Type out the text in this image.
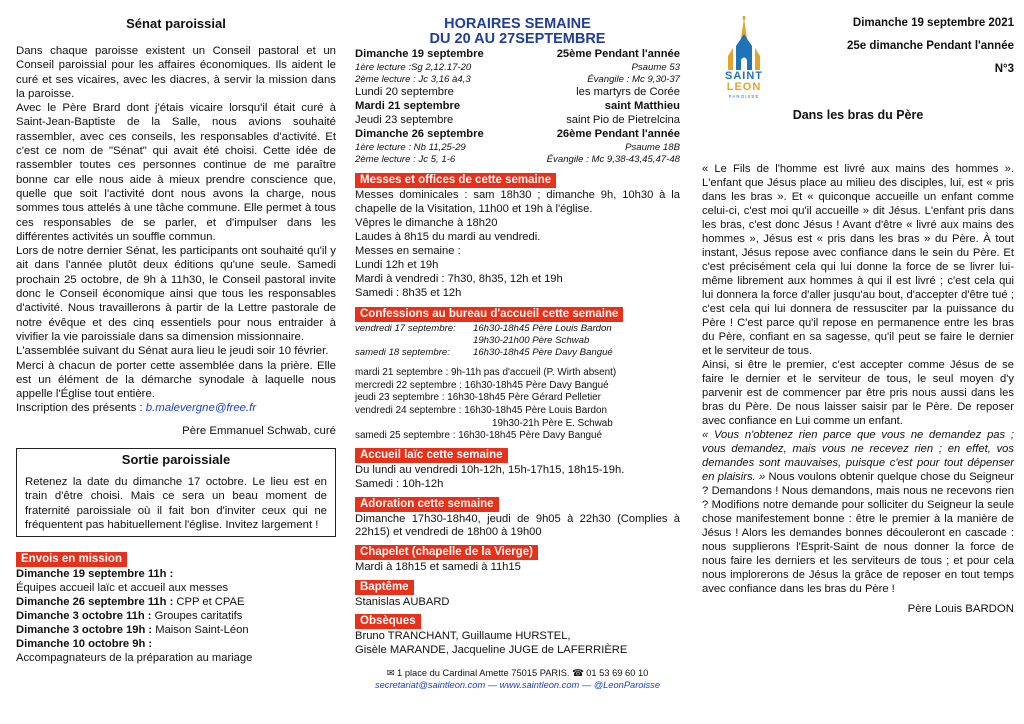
Sénat paroissial

Dans chaque paroisse existent un Conseil pastoral et un Conseil paroissial pour les affaires économiques. Ils aident le curé et ses vicaires, avec les diacres, à servir la mission dans la paroisse.

Avec le Père Brard dont j'étais vicaire lorsqu'il était curé à Saint-Jean-Baptiste de la Salle, nous avions souhaité rassembler, avec ces conseils, les responsables d'activité. Et c'est ce nom de "Sénat" qui avait été choisi. Cette idée de rassembler toutes ces personnes continue de me paraître bonne car elle nous aide à mieux prendre conscience que, quelle que soit l'activité dont nous avons la charge, nous sommes tous attelés à une tâche commune. Elle permet à tous ces responsables de se parler, et d'impulser dans les différentes activités un souffle commun.

Lors de notre dernier Sénat, les participants ont souhaité qu'il y ait dans l'année plutôt deux éditions qu'une seule. Samedi prochain 25 octobre, de 9h à 11h30, le Conseil pastoral invite donc le Conseil économique ainsi que tous les responsables d'activité. Nous travaillerons à partir de la Lettre pastorale de notre évêque et des cinq essentiels pour nous entraider à vivifier la vie paroissiale dans sa dimension missionnaire.

L'assemblée suivant du Sénat aura lieu le jeudi soir 10 février.

Merci à chacun de porter cette assemblée dans la prière. Elle est un élément de la démarche synodale à laquelle nous appelle l'Église tout entière.

Inscription des présents : b.malevergne@free.fr

Père Emmanuel Schwab, curé

Sortie paroissiale

Retenez la date du dimanche 17 octobre. Le lieu est en train d'être choisi. Mais ce sera un beau moment de fraternité paroissiale où il fait bon d'inviter ceux qui ne fréquentent pas habituellement l'église. Invitez largement !

Envois en mission
Dimanche 19 septembre 11h :
Équipes accueil laïc et accueil aux messes
Dimanche 26 septembre 11h : CPP et CPAE
Dimanche 3 octobre 11h : Groupes caritatifs
Dimanche 3 octobre 19h : Maison Saint-Léon
Dimanche 10 octobre 9h :
Accompagnateurs de la préparation au mariage
HORAIRES SEMAINE
DU 20 AU 27SEPTEMBRE
Dimanche 19 septembre	25ème Pendant l'année
1ère lecture :Sg 2,12.17-20	Psaume 53
2ème lecture : Jc 3,16 à4,3	Évangile : Mc 9,30-37
Lundi 20 septembre	les martyrs de Corée
Mardi 21 septembre	saint Matthieu
Jeudi 23 septembre	saint Pio de Pietrelcina
Dimanche 26 septembre	26ème Pendant l'année
1ère lecture : Nb 11,25-29	Psaume 18B
2ème lecture : Jc 5, 1-6	Évangile : Mc 9,38-43,45,47-48
Messes et offices de cette semaine
Messes dominicales : sam 18h30 ; dimanche 9h, 10h30 à la chapelle de la Visitation, 11h00 et 19h à l'église.
Vêpres le dimanche à 18h20
Laudes à 8h15 du mardi au vendredi.
Messes en semaine :
Lundi 12h et 19h
Mardi à vendredi : 7h30, 8h35, 12h et 19h
Samedi : 8h35 et 12h
Confessions au bureau d'accueil cette semaine
vendredi 17 septembre:	16h30-18h45 Père Louis Bardon
19h30-21h00 Père Schwab
samedi 18 septembre:	16h30-18h45 Père Davy Bangué
mardi 21 septembre : 9h-11h pas d'accueil (P. Wirth absent)
mercredi 22 septembre : 16h30-18h45 Père Davy Bangué
jeudi 23 septembre : 16h30-18h45 Père Gérard Pelletier
vendredi 24 septembre : 16h30-18h45 Père Louis Bardon
19h30-21h Père E. Schwab
samedi 25 septembre : 16h30-18h45 Père Davy Bangué
Accueil laïc cette semaine
Du lundi au vendredi 10h-12h, 15h-17h15, 18h15-19h.
Samedi : 10h-12h
Adoration cette semaine

Dimanche 17h30-18h40, jeudi de 9h05 à 22h30 (Complies à 22h15) et vendredi de 18h00 à 19h00

Chapelet (chapelle de la Vierge)
Mardi à 18h15 et samedi à 11h15
Baptême
Stanislas AUBARD
Obsèques
Bruno TRANCHANT, Guillaume HURSTEL,
Gisèle MARANDE, Jacqueline JUGE de LAFERRIÈRE
✉ 1 place du Cardinal Amette 75015 PARIS. ☎ 01 53 69 60 10
secretariat@saintleon.com — www.saintleon.com — @LeonParoisse
SAINT
LEON
PAROISSE
Dimanche 19 septembre 2021
25e dimanche Pendant l'année
N°3
Dans les bras du Père

« Le Fils de l'homme est livré aux mains des hommes ». L'enfant que Jésus place au milieu des disciples, lui, est « pris dans les bras ». Et « quiconque accueille un enfant comme celui-ci, c'est moi qu'il accueille » dit Jésus. L'enfant pris dans les bras, c'est donc Jésus ! Avant d'être « livré aux mains des hommes », Jésus est « pris dans les bras » du Père. À tout instant, Jésus repose avec confiance dans le sein du Père. Et c'est précisément cela qui lui donne la force de se livrer lui-même librement aux hommes à qui il est livré ; c'est cela qui lui donnera la force d'aller jusqu'au bout, d'accepter d'être tué ; c'est cela qui lui donnera de ressusciter par la puissance du Père ! C'est parce qu'il repose en permanence entre les bras du Père, confiant en sa sagesse, qu'il peut se faire le dernier et le serviteur de tous.

Ainsi, si être le premier, c'est accepter comme Jésus de se faire le dernier et le serviteur de tous, le seul moyen d'y parvenir est de commencer par être pris nous aussi dans les bras du Père. De nous laisser saisir par le Père. De reposer avec confiance en Lui comme un enfant.

« Vous n'obtenez rien parce que vous ne demandez pas ; vous demandez, mais vous ne recevez rien ; en effet, vos demandes sont mauvaises, puisque c'est pour tout dépenser en plaisirs. » Nous voulons obtenir quelque chose du Seigneur ? Demandons ! Nous demandons, mais nous ne recevons rien ? Modifions notre demande pour solliciter du Seigneur la seule chose manifestement bonne : être le premier à la manière de Jésus ! Alors les demandes bonnes découleront en cascade : nous supplierons l'Esprit-Saint de nous donner la force de nous faire les derniers et les serviteurs de tous ; et pour cela nous implorerons de Jésus la grâce de reposer en tout temps avec confiance dans les bras du Père !

Père Louis BARDON
